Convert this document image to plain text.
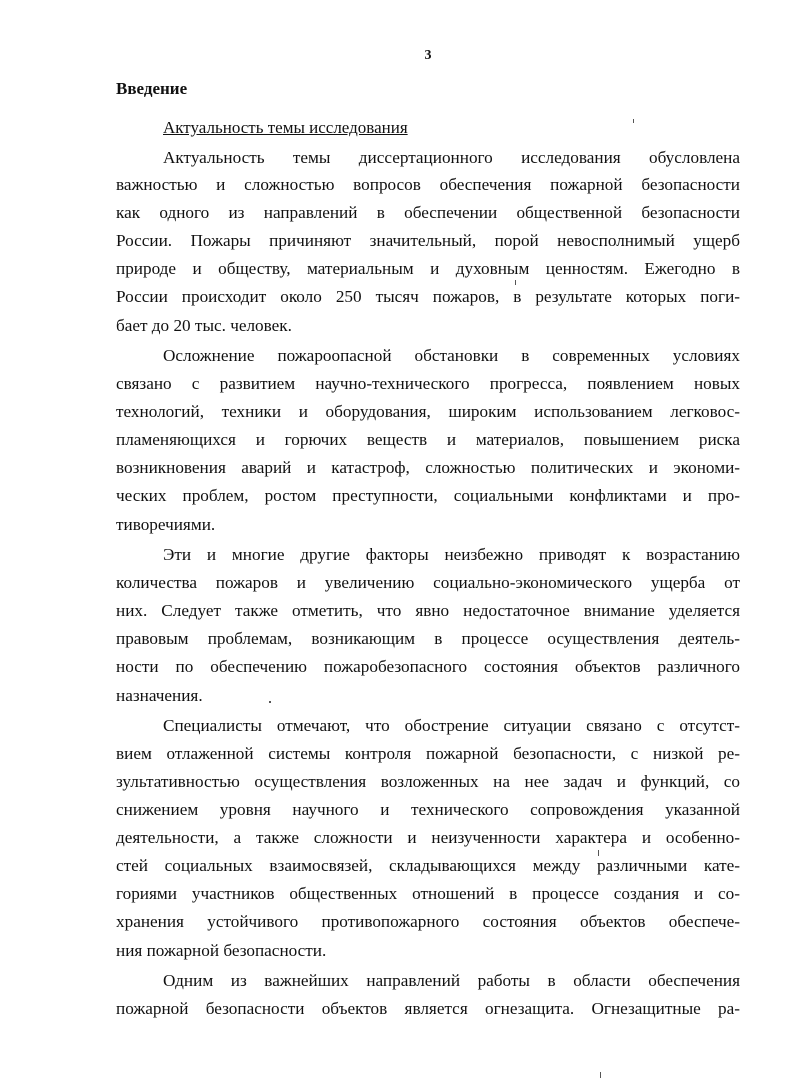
3
Введение
Актуальность темы исследования
Актуальность темы диссертационного исследования обусловлена
важностью и сложностью вопросов обеспечения пожарной безопасности
как одного из направлений в обеспечении общественной безопасности
России. Пожары причиняют значительный, порой невосполнимый ущерб
природе и обществу, материальным и духовным ценностям. Ежегодно в
России происходит около 250 тысяч пожаров, в результате которых поги-
бает до 20 тыс. человек.
Осложнение пожароопасной обстановки в современных условиях
связано с развитием научно-технического прогресса, появлением новых
технологий, техники и оборудования, широким использованием легковос-
пламеняющихся и горючих веществ и материалов, повышением риска
возникновения аварий и катастроф, сложностью политических и экономи-
ческих проблем, ростом преступности, социальными конфликтами и про-
тиворечиями.
Эти и многие другие факторы неизбежно приводят к возрастанию
количества пожаров и увеличению социально-экономического ущерба от
них. Следует также отметить, что явно недостаточное внимание уделяется
правовым проблемам, возникающим в процессе осуществления деятель-
ности по обеспечению пожаробезопасного состояния объектов различного
назначения.
Специалисты отмечают, что обострение ситуации связано с отсутст-
вием отлаженной системы контроля пожарной безопасности, с низкой ре-
зультативностью осуществления возложенных на нее задач и функций, со
снижением уровня научного и технического сопровождения указанной
деятельности, а также сложности и неизученности характера и особенно-
стей социальных взаимосвязей, складывающихся между различными кате-
гориями участников общественных отношений в процессе создания и со-
хранения устойчивого противопожарного состояния объектов обеспече-
ния пожарной безопасности.
Одним из важнейших направлений работы в области обеспечения
пожарной безопасности объектов является огнезащита. Огнезащитные ра-
